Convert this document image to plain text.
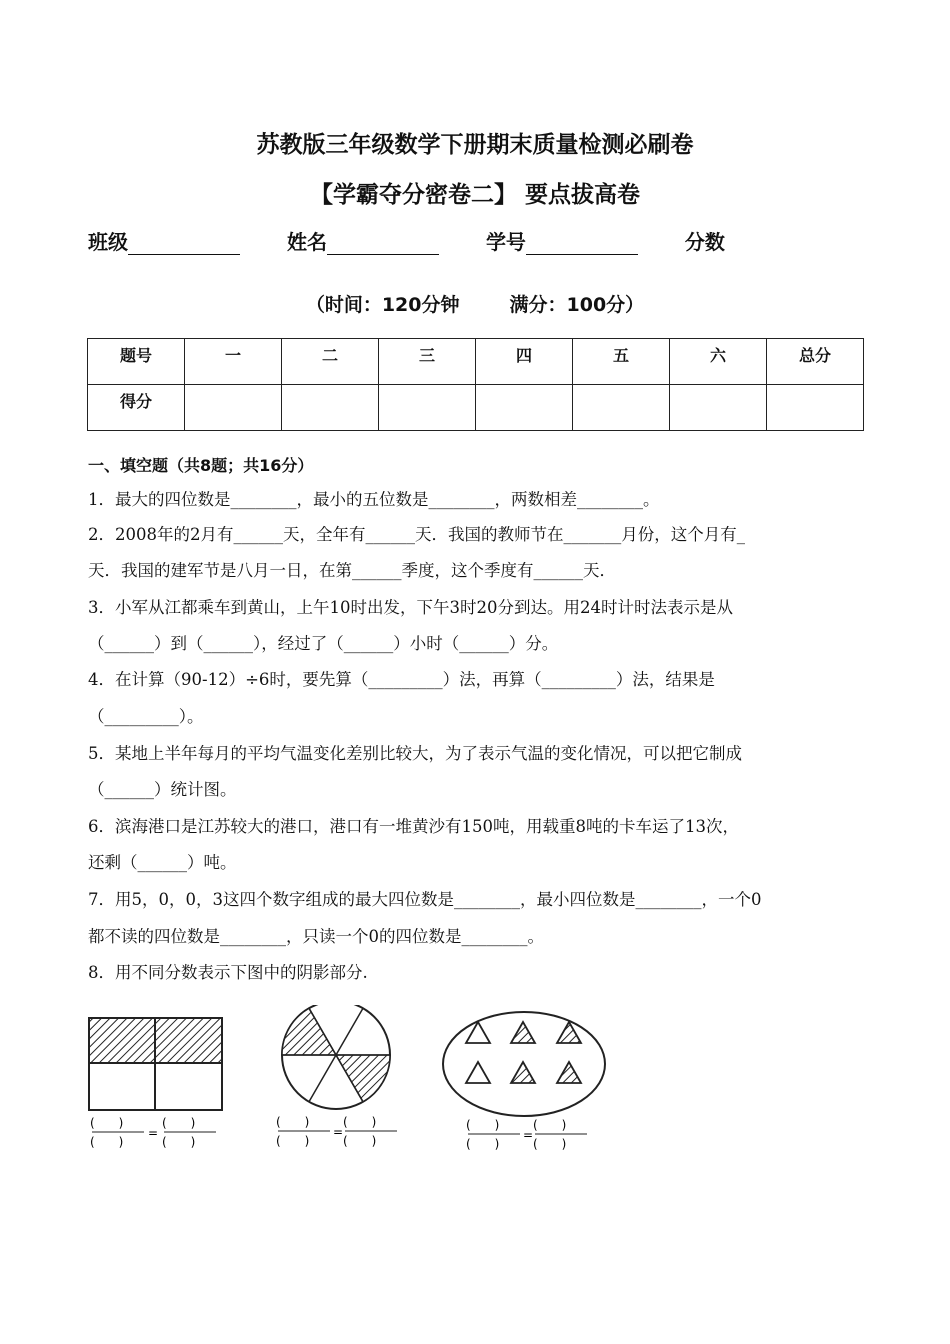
苏教版三年级数学下册期末质量检测必刷卷
【学霸夺分密卷二】 要点拔高卷
班级	姓名	学号	分数
（时间：120分钟	满分：100分）
题号	一	二	三	四	五	六	总分
得分							
一、填空题（共8题；共16分）
1．最大的四位数是________，最小的五位数是________，两数相差________。
2．2008年的2月有______天，全年有______天．我国的教师节在_______月份，这个月有_
天．我国的建军节是八月一日，在第______季度，这个季度有______天．
3．小军从江都乘车到黄山，上午10时出发，下午3时20分到达。用24时计时法表示是从
（______）到（______），经过了（______）小时（______）分。
4．在计算（90-12）÷6时，要先算（_________）法，再算（_________）法，结果是
（_________）。
5．某地上半年每月的平均气温变化差别比较大，为了表示气温的变化情况，可以把它制成
（______）统计图。
6．滨海港口是江苏较大的港口，港口有一堆黄沙有150吨，用载重8吨的卡车运了13次，
还剩（______）吨。
7．用5，0，0，3这四个数字组成的最大四位数是________，最小四位数是________，一个0
都不读的四位数是________，只读一个0的四位数是________。
8．用不同分数表示下图中的阴影部分.
(　　)
(　　)
=
(　　)
(　　)
(　　)
(　　)
=
(　　)
(　　)
(　　)
(　　)
=
(　　)
(　　)
